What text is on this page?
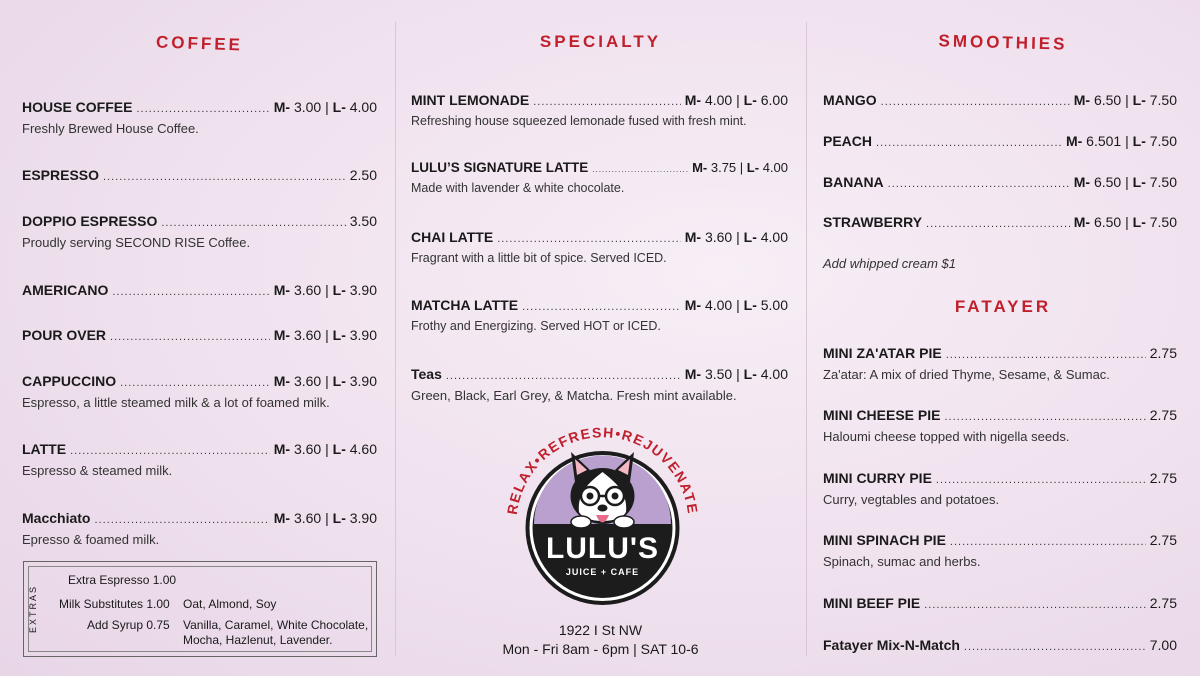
COFFEE
HOUSE COFFEE .....	M- 3.00 | L- 4.00
Freshly Brewed House Coffee.
ESPRESSO .....	2.50
DOPPIO ESPRESSO .....	3.50
Proudly serving SECOND RISE Coffee.
AMERICANO .....	M- 3.60 | L- 3.90
POUR OVER .....	M- 3.60 | L- 3.90
CAPPUCCINO .....	M- 3.60 | L- 3.90
Espresso, a little steamed milk & a lot of foamed milk.
LATTE .....	M- 3.60 | L- 4.60
Espresso & steamed milk.
Macchiato .....	M- 3.60 | L- 3.90
Epresso & foamed milk.
EXTRAS
Extra Espresso 1.00
Milk Substitutes 1.00 Oat, Almond, Soy
Add Syrup 0.75 Vanilla, Caramel, White Chocolate,
Mocha, Hazlenut, Lavender.
SPECIALTY
MINT LEMONADE .....	M- 4.00 | L- 6.00
Refreshing house squeezed lemonade fused with fresh mint.
LULU’S SIGNATURE LATTE .....	M- 3.75 | L- 4.00
Made with lavender & white chocolate.
CHAI LATTE .....	M- 3.60 | L- 4.00
Fragrant with a little bit of spice. Served ICED.
MATCHA LATTE .....	M- 4.00 | L- 5.00
Frothy and Energizing. Served HOT or ICED.
Teas .....	M- 3.50 | L- 4.00
Green, Black, Earl Grey, & Matcha. Fresh mint available.
RELAX•REFRESH•REJUVENATE
LULU'S
JUICE + CAFE
1922 I St NW
Mon - Fri 8am - 6pm | SAT 10-6
SMOOTHIES
MANGO .....	M- 6.50 | L- 7.50
PEACH .....	M- 6.501 | L- 7.50
BANANA .....	M- 6.50 | L- 7.50
STRAWBERRY .....	M- 6.50 | L- 7.50
Add whipped cream $1
FATAYER
MINI ZA'ATAR PIE .....	2.75
Za'atar: A mix of dried Thyme, Sesame, & Sumac.
MINI CHEESE PIE .....	2.75
Haloumi cheese topped with nigella seeds.
MINI CURRY PIE .....	2.75
Curry, vegtables and potatoes.
MINI SPINACH PIE .....	2.75
Spinach, sumac and herbs.
MINI BEEF PIE .....	2.75
Fatayer Mix-N-Match .....	7.00
